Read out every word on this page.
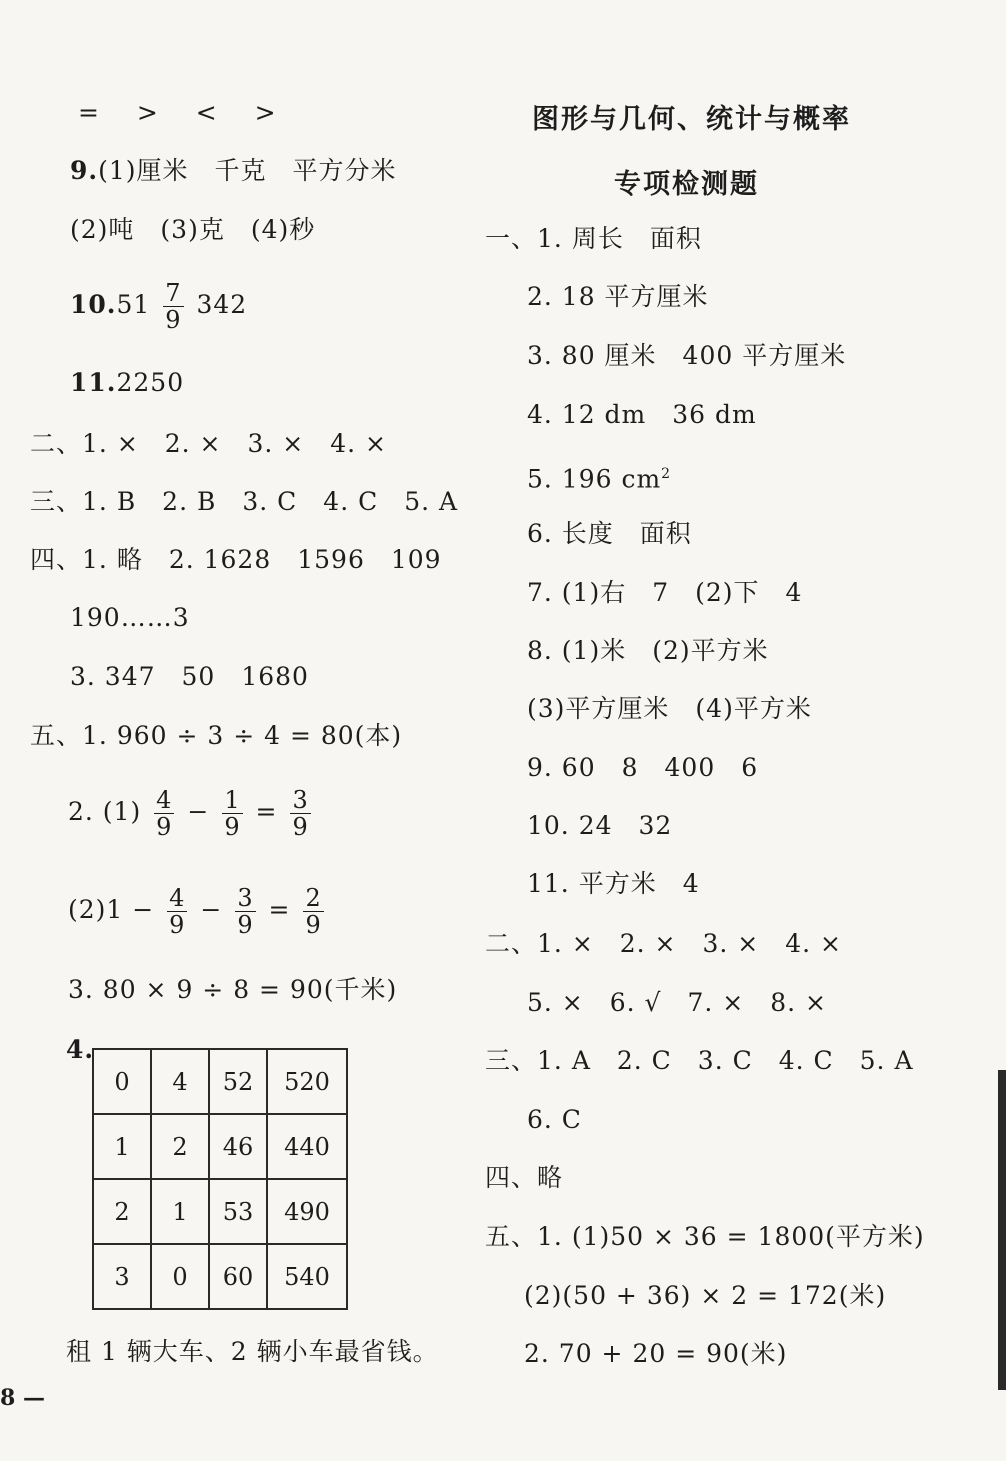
= > < >
9.(1)厘米　千克　平方分米
(2)吨　(3)克　(4)秒
$10.51 \frac{7}{9} 342$
11.2250
二、1. ×　2. ×　3. ×　4. ×
三、1. B　2. B　3. C　4. C　5. A
四、1. 略　2. 1628　1596　109
190……3
3. 347　50　1680
五、1. 960 ÷ 3 ÷ 4 = 80(本)
2. $(1) \frac{4}{9} - \frac{1}{9} = \frac{3}{9}$
$(2)1 - \frac{4}{9} - \frac{3}{9} = \frac{2}{9}$
3. 80 × 9 ÷ 8 = 90(千米)
4.
0	4	52	520
1	2	46	440
2	1	53	490
3	0	60	540
租 1 辆大车、2 辆小车最省钱。
8 —
图形与几何、统计与概率
专项检测题
一、1. 周长　面积
2. 18 平方厘米
3. 80 厘米　400 平方厘米
4. 12 dm　36 dm
5. 196 $cm^2$
6. 长度　面积
7. (1)右　7　(2)下　4
8. (1)米　(2)平方米
(3)平方厘米　(4)平方米
9. 60　8　400　6
10. 24　32
11. 平方米　4
二、1. ×　2. ×　3. ×　4. ×
5. ×　6. √　7. ×　8. ×
三、1. A　2. C　3. C　4. C　5. A
6. C
四、略
五、1. (1)50 × 36 = 1800(平方米)
(2)(50 + 36) × 2 = 172(米)
2. 70 + 20 = 90(米)
